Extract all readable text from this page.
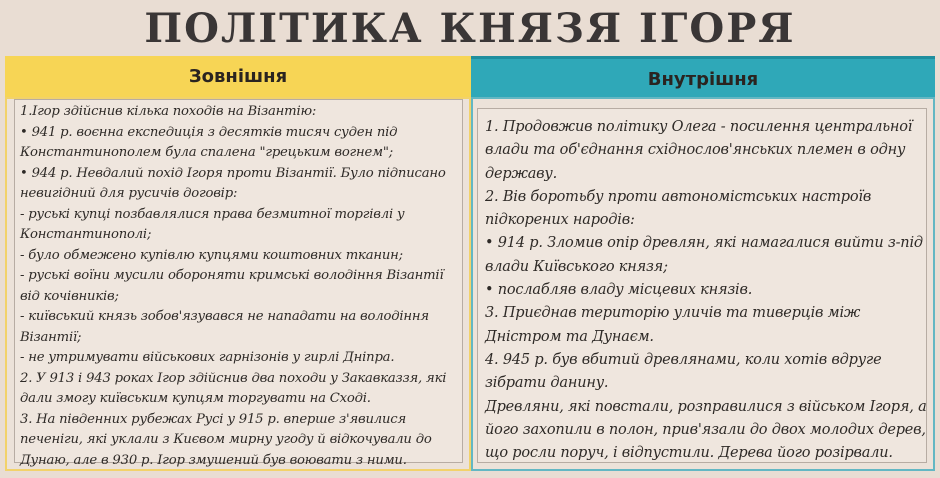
ПОЛІТИКА КНЯЗЯ ІГОРЯ
Зовнішня	Внутрішня
1.Ігор здійснив кілька походів на Візантію:
• 941 р. воєнна експедиція з десятків тисяч суден під
Константинополем була спалена "грецьким вогнем";
• 944 р. Невдалий похід Ігоря проти Візантії. Було підписано
невигідний для русичів договір:
- руські купці позбавлялися права безмитної торгівлі у
Константинополі;
- було обмежено купівлю купцями коштовних тканин;
- руські воїни мусили обороняти кримські володіння Візантії
від кочівників;
- київський князь зобов'язувався не нападати на володіння
Візантії;
- не утримувати військових гарнізонів у гирлі Дніпра.
2. У 913 і 943 роках Ігор здійснив два походи у Закавказзя, які
дали змогу київським купцям торгувати на Сході.
3. На південних рубежах Русі у 915 р. вперше з'явилися
печеніги, які уклали з Києвом мирну угоду й відкочували до
Дунаю, але в 930 р. Ігор змушений був воювати з ними.
1. Продовжив політику Олега - посилення центральної
влади та об'єднання східнослов'янських племен в одну
державу.
2. Вів боротьбу проти автономістських настроїв
підкорених народів:
• 914 р. Зломив опір древлян, які намагалися вийти з-під
влади Київського князя;
• послабляв владу місцевих князів.
3. Приєднав територію уличів та тиверців між
Дністром та Дунаєм.
4. 945 р. був вбитий древлянами, коли хотів вдруге
зібрати данину.
Древляни, які повстали, розправилися з військом Ігоря, а
його захопили в полон, прив'язали до двох молодих дерев,
що росли поруч, і відпустили. Дерева його розірвали.
